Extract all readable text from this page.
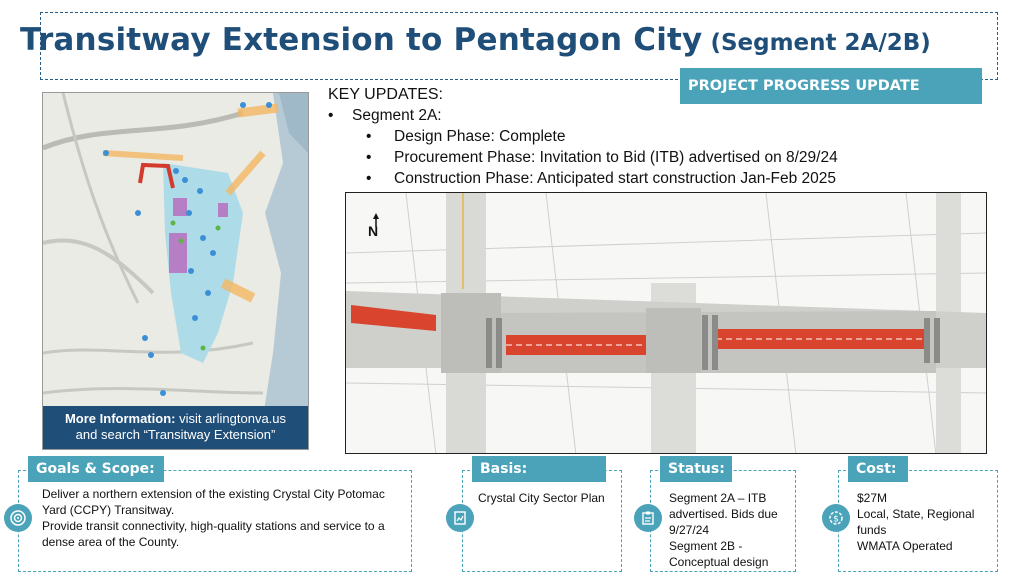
Transitway Extension to Pentagon City (Segment 2A/2B)
PROJECT PROGRESS UPDATE
More Information: visit arlingtonva.us
and search “Transitway Extension”
KEY UPDATES:
• Segment 2A:
• Design Phase: Complete
• Procurement Phase: Invitation to Bid (ITB) advertised on 8/29/24
• Construction Phase: Anticipated start construction Jan-Feb 2025
N
Goals & Scope:
Deliver a northern extension of the existing Crystal City Potomac Yard (CCPY) Transitway.
Provide transit connectivity, high-quality stations and service to a dense area of the County.
Basis:
Crystal City Sector Plan
Status:
Segment 2A – ITB advertised. Bids due 9/27/24
Segment 2B - Conceptual design
Cost:
$
$27M
Local, State, Regional funds
WMATA Operated
